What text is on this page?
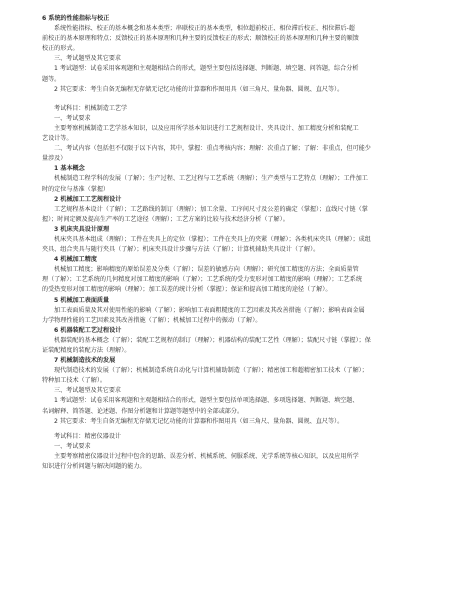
6 系统的性能指标与校正
系统性能指标、校正的基本概念和基本类型；串联校正的基本类型，相位超前校正、相位滞后校正、相位滞后-超
前校正的基本原理和特点；反馈校正的基本原理和几种主要的反馈校正的形式；顺馈校正的基本原理和几种主要的顺馈
校正的形式。
三、考试题型及其它要求
1 考试题型：试卷采用客观题和主观题相结合的形式，题型主要包括选择题、判断题、填空题、问答题，综合分析
题等。
2 其它要求：考生自备无编程无存储无记忆功能的计算器和作图用具（如三角尺、量角器、圆规、直尺等）。
考试科目：机械制造工艺学
一、考试要求
主要考察机械制造工艺学基本知识，以及应用所学基本知识进行工艺规程设计、夹具设计、加工精度分析和装配工
艺设计等。
二、考试内容（包括但不仅限于以下内容，其中，掌握：重点考核内容；理解：次重点了解；了解：非重点，但可能少
量涉及）
1 基本概念
机械制造工程学科的发展（了解）；生产过程、工艺过程与工艺系统（理解）；生产类型与工艺特点（理解）；工件加工
时的定位与基准（掌握）
2 机械加工工艺规程设计
工艺规程基本设计（了解）；工艺路线的制订（理解）；加工余量、工序间尺寸及公差的确定（掌握）；直线尺寸链（掌
握）；时间定额及提高生产率的工艺途径（理解）；工艺方案的比较与技术经济分析（了解）。
3 机床夹具设计原理
机床夹具基本组成（理解）；工件在夹具上的定位（掌握）；工件在夹具上的夹紧（理解）；各类机床夹具（理解）；成组
夹具、组合夹具与随行夹具（了解）；机床夹具设计步骤与方法（了解）；计算机辅助夹具设计（了解）。
4 机械加工精度
机械加工精度；影响精度的原始误差及分类（了解）；误差的敏感方向（理解）；研究加工精度的方法；全面质量管
理（了解）；工艺系统的几何精度对加工精度的影响（了解）；工艺系统的受力变形对加工精度的影响（理解）；工艺系统
的受热变形对加工精度的影响（理解）；加工误差的统计分析（掌握）；保证和提高加工精度的途径（了解）。
5 机械加工表面质量
加工表面质量及其对使用性能的影响（了解）；影响加工表面粗糙度的工艺因素及其改善措施（了解）；影响表面金属
力学物理性能的工艺因素及其改善措施（了解）；机械加工过程中的振动（了解）。
6 机器装配工艺过程设计
机器装配的基本概念（了解）；装配工艺规程的制订（理解）；机器结构的装配工艺性（理解）；装配尺寸链（掌握）；保
证装配精度的装配方法（理解）。
7 机械制造技术的发展
现代制造技术的发展（了解）；机械制造系统自动化与计算机辅助制造（了解）；精密加工和超精密加工技术（了解）；
特种加工技术（了解）。
三、考试题型及其它要求
1 考试题型：试卷采用客观题和主观题相结合的形式，题型主要包括单项选择题、多项选择题、判断题、填空题、
名词解释、简答题、论述题、作图分析题和计算题等题型中的全部或部分。
2 其它要求：考生自备无编程无存储无记忆功能的计算器和作图用具（如三角尺、量角器、圆规、直尺等）。
考试科目：精密仪器设计
一、考试要求
主要考察精密仪器设计过程中包含的思路、误差分析、机械系统、伺服系统、光学系统等核心知识，以及应用所学
知识进行分析问题与解决问题的能力。
